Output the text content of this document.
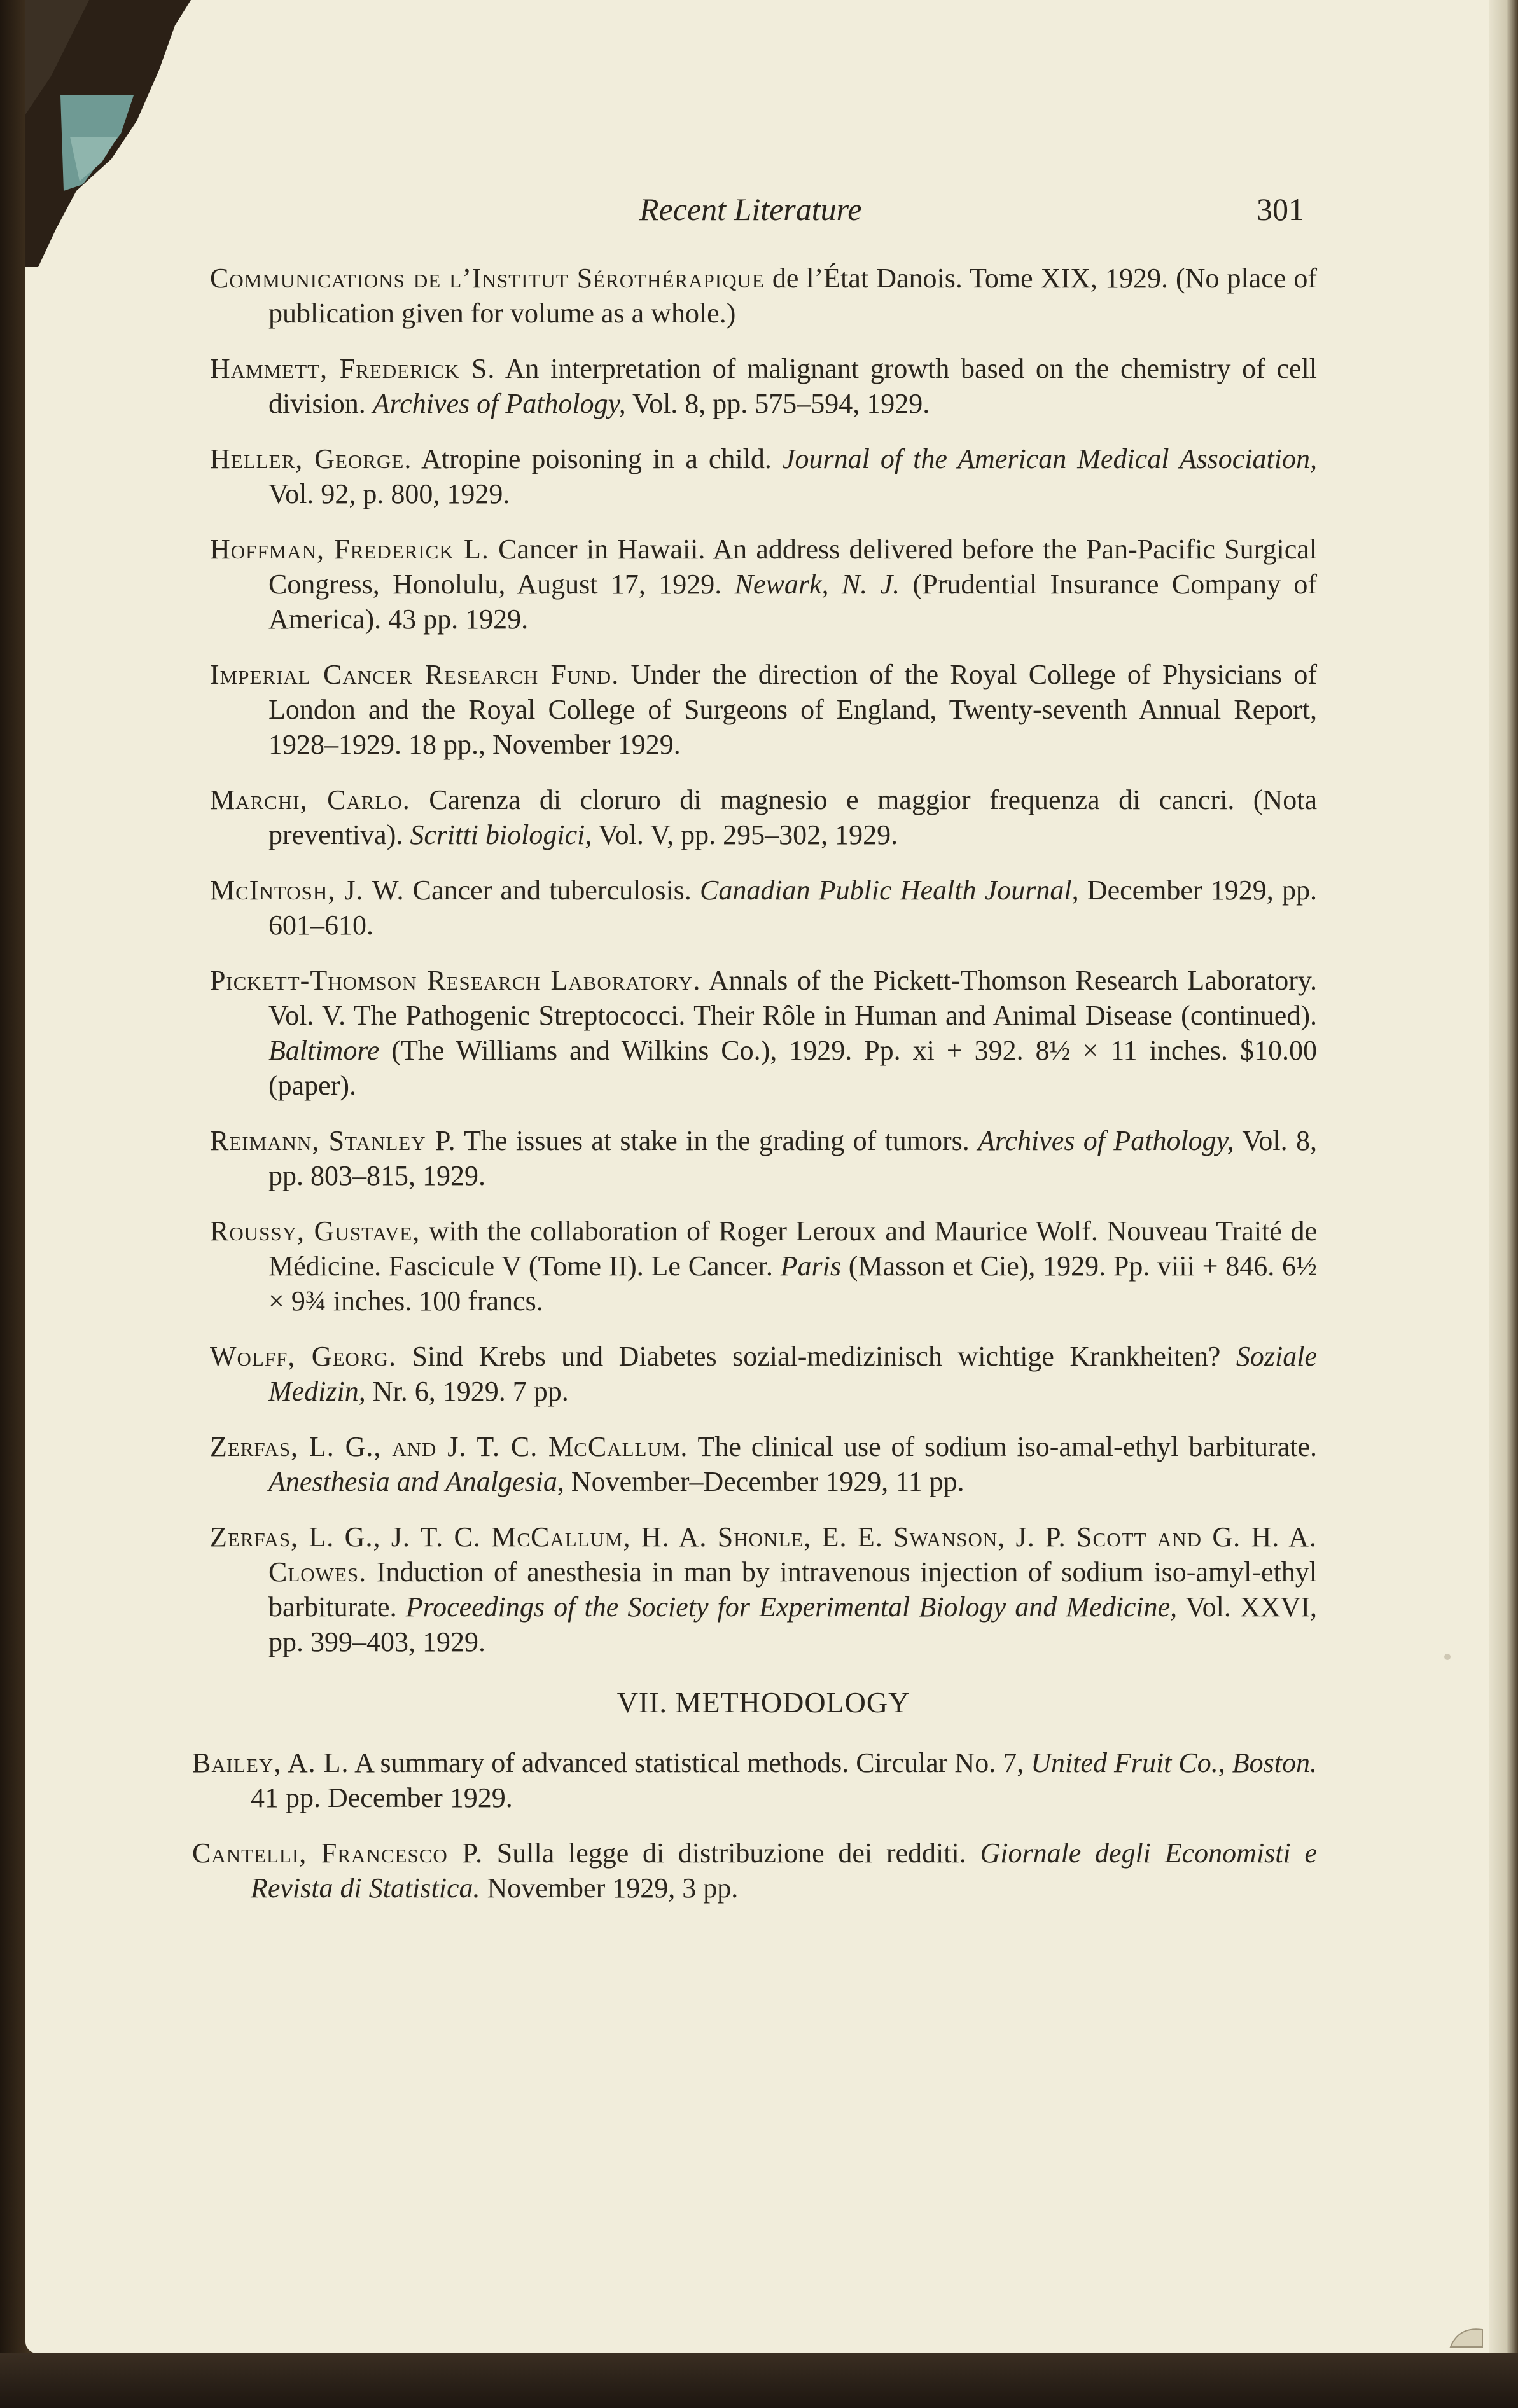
Recent Literature	301

Communications de l’Institut Sérothérapique de l’État Danois. Tome XIX, 1929. (No place of publication given for volume as a whole.)

Hammett, Frederick S. An interpretation of malignant growth based on the chemistry of cell division. Archives of Pathology, Vol. 8, pp. 575–594, 1929.

Heller, George. Atropine poisoning in a child. Journal of the American Medical Association, Vol. 92, p. 800, 1929.

Hoffman, Frederick L. Cancer in Hawaii. An address delivered before the Pan-Pacific Surgical Congress, Honolulu, August 17, 1929. Newark, N. J. (Prudential Insurance Company of America). 43 pp. 1929.

Imperial Cancer Research Fund. Under the direction of the Royal College of Physicians of London and the Royal College of Surgeons of England, Twenty-seventh Annual Report, 1928–1929. 18 pp., November 1929.

Marchi, Carlo. Carenza di cloruro di magnesio e maggior frequenza di cancri. (Nota preventiva). Scritti biologici, Vol. V, pp. 295–302, 1929.

McIntosh, J. W. Cancer and tuberculosis. Canadian Public Health Journal, December 1929, pp. 601–610.

Pickett-Thomson Research Laboratory. Annals of the Pickett-Thomson Research Laboratory. Vol. V. The Pathogenic Streptococci. Their Rôle in Human and Animal Disease (continued). Baltimore (The Williams and Wilkins Co.), 1929. Pp. xi + 392. 8½ × 11 inches. $10.00 (paper).

Reimann, Stanley P. The issues at stake in the grading of tumors. Archives of Pathology, Vol. 8, pp. 803–815, 1929.

Roussy, Gustave, with the collaboration of Roger Leroux and Maurice Wolf. Nouveau Traité de Médicine. Fascicule V (Tome II). Le Cancer. Paris (Masson et Cie), 1929. Pp. viii + 846. 6½ × 9¾ inches. 100 francs.

Wolff, Georg. Sind Krebs und Diabetes sozial-medizinisch wichtige Krankheiten? Soziale Medizin, Nr. 6, 1929. 7 pp.

Zerfas, L. G., and J. T. C. McCallum. The clinical use of sodium iso-amal-ethyl barbiturate. Anesthesia and Analgesia, November–December 1929, 11 pp.

Zerfas, L. G., J. T. C. McCallum, H. A. Shonle, E. E. Swanson, J. P. Scott and G. H. A. Clowes. Induction of anesthesia in man by intravenous injection of sodium iso-amyl-ethyl barbiturate. Proceedings of the Society for Experimental Biology and Medicine, Vol. XXVI, pp. 399–403, 1929.

VII. METHODOLOGY

Bailey, A. L. A summary of advanced statistical methods. Circular No. 7, United Fruit Co., Boston. 41 pp. December 1929.

Cantelli, Francesco P. Sulla legge di distribuzione dei redditi. Giornale degli Economisti e Revista di Statistica. November 1929, 3 pp.
